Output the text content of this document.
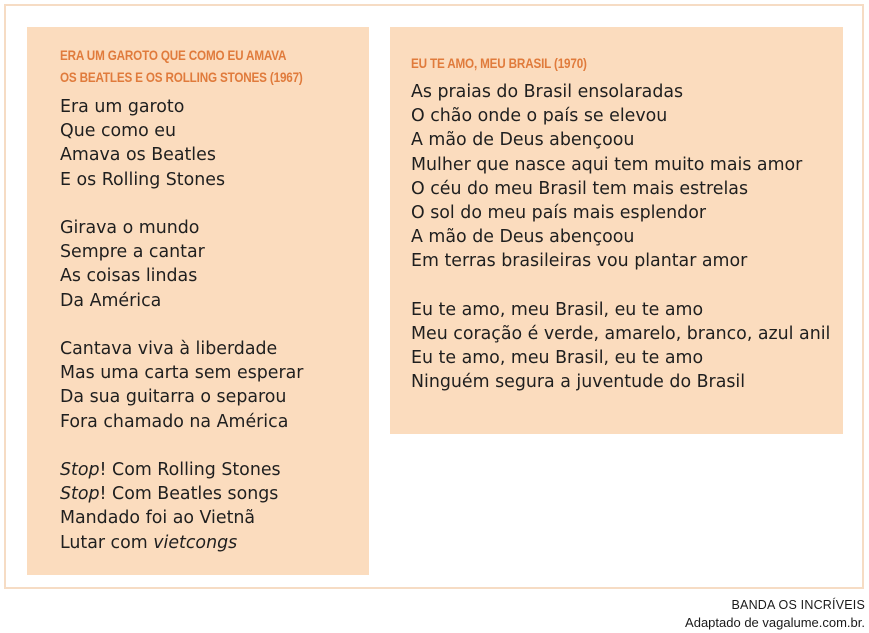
ERA UM GAROTO QUE COMO EU AMAVA
OS BEATLES E OS ROLLING STONES (1967)
Era um garoto
Que como eu
Amava os Beatles
E os Rolling Stones
Girava o mundo
Sempre a cantar
As coisas lindas
Da América
Cantava viva à liberdade
Mas uma carta sem esperar
Da sua guitarra o separou
Fora chamado na América
Stop! Com Rolling Stones
Stop! Com Beatles songs
Mandado foi ao Vietnã
Lutar com vietcongs
EU TE AMO, MEU BRASIL (1970)
As praias do Brasil ensolaradas
O chão onde o país se elevou
A mão de Deus abençoou
Mulher que nasce aqui tem muito mais amor
O céu do meu Brasil tem mais estrelas
O sol do meu país mais esplendor
A mão de Deus abençoou
Em terras brasileiras vou plantar amor
Eu te amo, meu Brasil, eu te amo
Meu coração é verde, amarelo, branco, azul anil
Eu te amo, meu Brasil, eu te amo
Ninguém segura a juventude do Brasil
BANDA OS INCRÍVEIS
Adaptado de vagalume.com.br.
